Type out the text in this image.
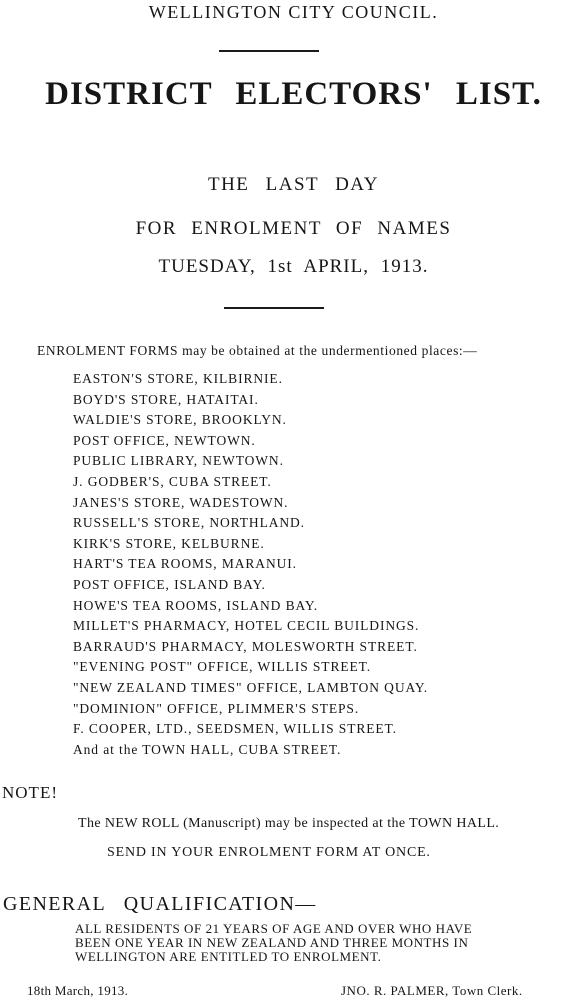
WELLINGTON CITY COUNCIL.
DISTRICT ELECTORS' LIST.
THE LAST DAY
FOR ENROLMENT OF NAMES
TUESDAY, 1st APRIL, 1913.
ENROLMENT FORMS may be obtained at the undermentioned places:—
EASTON'S STORE, KILBIRNIE.
BOYD'S STORE, HATAITAI.
WALDIE'S STORE, BROOKLYN.
POST OFFICE, NEWTOWN.
PUBLIC LIBRARY, NEWTOWN.
J. GODBER'S, CUBA STREET.
JANES'S STORE, WADESTOWN.
RUSSELL'S STORE, NORTHLAND.
KIRK'S STORE, KELBURNE.
HART'S TEA ROOMS, MARANUI.
POST OFFICE, ISLAND BAY.
HOWE'S TEA ROOMS, ISLAND BAY.
MILLET'S PHARMACY, HOTEL CECIL BUILDINGS.
BARRAUD'S PHARMACY, MOLESWORTH STREET.
"EVENING POST" OFFICE, WILLIS STREET.
"NEW ZEALAND TIMES" OFFICE, LAMBTON QUAY.
"DOMINION" OFFICE, PLIMMER'S STEPS.
F. COOPER, LTD., SEEDSMEN, WILLIS STREET.
And at the TOWN HALL, CUBA STREET.
NOTE!
The NEW ROLL (Manuscript) may be inspected at the TOWN HALL.
SEND IN YOUR ENROLMENT FORM AT ONCE.
GENERAL QUALIFICATION—
ALL RESIDENTS OF 21 YEARS OF AGE AND OVER WHO HAVE
BEEN ONE YEAR IN NEW ZEALAND AND THREE MONTHS IN
WELLINGTON ARE ENTITLED TO ENROLMENT.
18th March, 1913.	JNO. R. PALMER, Town Clerk.
